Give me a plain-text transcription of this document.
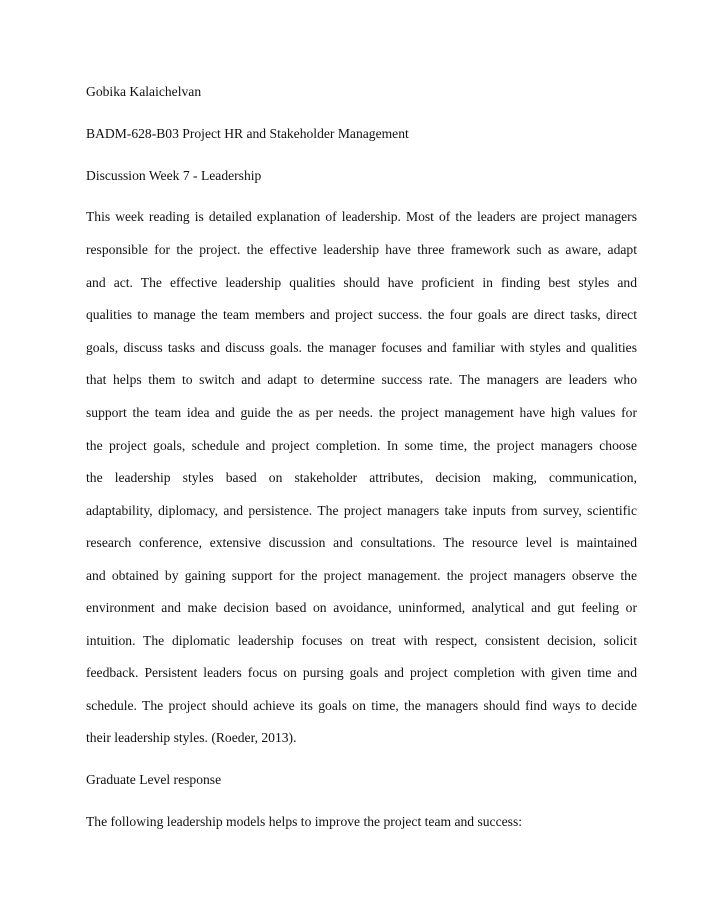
Gobika Kalaichelvan
BADM-628-B03 Project HR and Stakeholder Management
Discussion Week 7 - Leadership
This week reading is detailed explanation of leadership. Most of the leaders are project managers
responsible for the project. the effective leadership have three framework such as aware, adapt
and act. The effective leadership qualities should have proficient in finding best styles and
qualities to manage the team members and project success. the four goals are direct tasks, direct
goals, discuss tasks and discuss goals. the manager focuses and familiar with styles and qualities
that helps them to switch and adapt to determine success rate. The managers are leaders who
support the team idea and guide the as per needs. the project management have high values for
the project goals, schedule and project completion. In some time, the project managers choose
the leadership styles based on stakeholder attributes, decision making, communication,
adaptability, diplomacy, and persistence. The project managers take inputs from survey, scientific
research conference, extensive discussion and consultations. The resource level is maintained
and obtained by gaining support for the project management. the project managers observe the
environment and make decision based on avoidance, uninformed, analytical and gut feeling or
intuition. The diplomatic leadership focuses on treat with respect, consistent decision, solicit
feedback. Persistent leaders focus on pursing goals and project completion with given time and
schedule. The project should achieve its goals on time, the managers should find ways to decide
their leadership styles. (Roeder, 2013).
Graduate Level response
The following leadership models helps to improve the project team and success:
